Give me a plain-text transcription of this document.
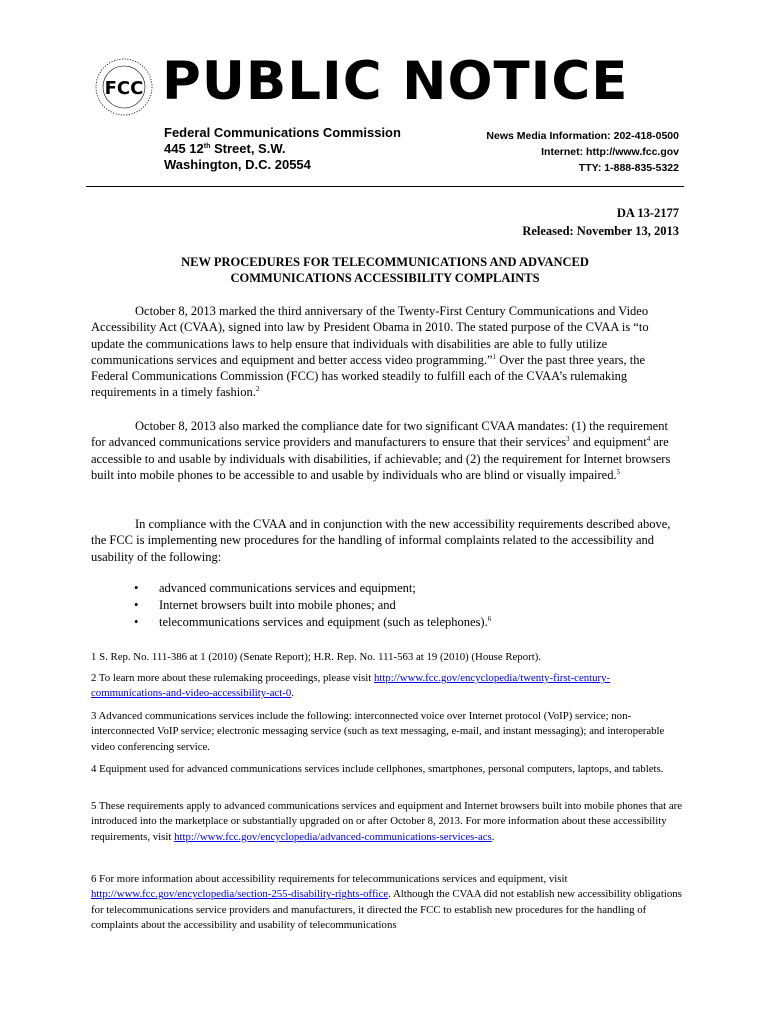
FCC PUBLIC NOTICE
Federal Communications Commission
445 12th Street, S.W.
Washington, D.C. 20554
News Media Information: 202-418-0500
Internet: http://www.fcc.gov
TTY: 1-888-835-5322
DA 13-2177
Released: November 13, 2013
NEW PROCEDURES FOR TELECOMMUNICATIONS AND ADVANCED
COMMUNICATIONS ACCESSIBILITY COMPLAINTS
October 8, 2013 marked the third anniversary of the Twenty-First Century Communications and Video Accessibility Act (CVAA), signed into law by President Obama in 2010. The stated purpose of the CVAA is “to update the communications laws to help ensure that individuals with disabilities are able to fully utilize communications services and equipment and better access video programming.”$^1$ Over the past three years, the Federal Communications Commission (FCC) has worked steadily to fulfill each of the CVAA’s rulemaking requirements in a timely fashion.$^2$
October 8, 2013 also marked the compliance date for two significant CVAA mandates: (1) the requirement for advanced communications service providers and manufacturers to ensure that their services$^3$ and equipment$^4$ are accessible to and usable by individuals with disabilities, if achievable; and (2) the requirement for Internet browsers built into mobile phones to be accessible to and usable by individuals who are blind or visually impaired.$^5$
In compliance with the CVAA and in conjunction with the new accessibility requirements described above, the FCC is implementing new procedures for the handling of informal complaints related to the accessibility and usability of the following:
• advanced communications services and equipment;
• Internet browsers built into mobile phones; and
• telecommunications services and equipment (such as telephones).$^6$
1 S. Rep. No. 111-386 at 1 (2010) (Senate Report); H.R. Rep. No. 111-563 at 19 (2010) (House Report).
2 To learn more about these rulemaking proceedings, please visit http://www.fcc.gov/encyclopedia/twenty-first-century-communications-and-video-accessibility-act-0.
3 Advanced communications services include the following: interconnected voice over Internet protocol (VoIP) service; non-interconnected VoIP service; electronic messaging service (such as text messaging, e-mail, and instant messaging); and interoperable video conferencing service.
4 Equipment used for advanced communications services include cellphones, smartphones, personal computers, laptops, and tablets.
5 These requirements apply to advanced communications services and equipment and Internet browsers built into mobile phones that are introduced into the marketplace or substantially upgraded on or after October 8, 2013. For more information about these accessibility requirements, visit http://www.fcc.gov/encyclopedia/advanced-communications-services-acs.
6 For more information about accessibility requirements for telecommunications services and equipment, visit http://www.fcc.gov/encyclopedia/section-255-disability-rights-office. Although the CVAA did not establish new accessibility obligations for telecommunications service providers and manufacturers, it directed the FCC to establish new procedures for the handling of complaints about the accessibility and usability of telecommunications
